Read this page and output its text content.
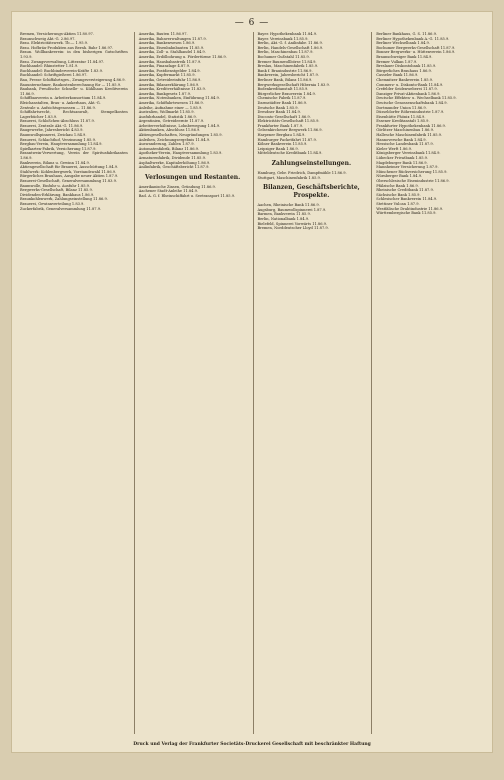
— 6 —

Bremen, Versicherungs-Aktien 11.80.97.

Braunschweig Akt.-G. 2.86.97.

Brau. Elektricitätswerk. Tb.— 1.95.9.

Brau. Hofbräu-Produkten aus Bernh. Bahr 1.86.97.

Braun. Wollbankverein: in den bisherigen Gutschriften 1.93.9.

Brau. Zwangsverwaltung, Litteratur 11.84.97.

Buchhandel: Rhinstetter 1.81.9.

Buchhandel: Buchbinderverein-Kräfte 1.83.9.

Buchhandel: Schriftgießerei 1.86.97.

Bau, Presse Schiffahrtsges., Zwangsversteigerung 4.86.9.

Bauunternehmer, Baukostenberechnung für — 11.85.9.

Baubank, Preußische Schnelle- u. Kühlhaus Kreditverein 11.86.9.

Schiffbauverein u. Arbeiterkonsortium 11.84.9.

Bleichanstalten, Brau- u. Ankerhaus, Akt.-G.

Zentrale u. Aufsichtsgenossen — 11.86.9.

Schiffahrtsrecht, Rechtsanwalt, Stempelkosten Lagerbücher 1.83.9.

Brauerei, Schloßchen-Abschluss 11.87.9.

Brauerei, Zentrale Akt.-G. 11.86.9.

Baugewerbe, Jahresbericht 4.83.9.

Baumwollspinnerei, Zwickau 1.84.9.

Brauerei, Schlachthof, Verzinsung 1.85.9.

Bergbau-Verein, Hauptversammlung 11.84.9.

Spielkarten-Fabrik, Versicherung 11.87.9.

Branntwein-Verwertung, Verein der Spiritusfabrikanten 1.86.9.

Bankverein, Bilanz u. Gewinn 11.84.9.

Aktiengesellschaft für Brauerei, Ausschüttung 1.84.9.

Stahlwerk: Kohlenbergwerk, Vorstandswahl 11.86.9.

Bürgerliches Brauhaus, Ausgabe neuer Aktien 1.87.9.

Brauerei-Gesellschaft, Generalversammlung 11.83.9.

Baumwolle, Einfuhr u. Ausfuhr 1.85.9.

Bergwerks-Gesellschaft, Bilanz 11.85.9.

Dividenden-Erklärung, Bankhaus 1.86.9.

Braunkohlenwerk, Zahlungseinstellung 11.86.9.

Brauerei, Gewinnverteilung 1.83.9.

Zuckerfabrik, Generalversammlung 11.87.9.

Amerika, Bauten 11.86.97.

Amerika, Bahnverwaltungen 11.87.9.

Amerika, Bankenwesen 1.86.9.

Amerika, Eisenbahnbauten 11.85.9.

Amerika, Zoll- u. Stahlhandel 1.84.9.

Amerika, Erdölbohrung u. Fördertürme 11.86.9.

Amerika, Hausbahnstreik 11.87.9.

Amerika, Finanzlage 4.87.9.

Amerika, Postdienstgelder 1.84.9.

Amerika, Kupfermarkt 11.85.9.

Amerika, Getreideeinfuhr 11.86.9.

Amerika, Bilanzerklärung 1.86.9.

Amerika, Kreditverhältnisse 11.83.9.

Amerika, Bankgesetz 1.87.9.

Amerika, Notenbanken, Einführung 11.84.9.

Amerika, Schiffahrtswesen 11.86.9.

Anleihe, Aufnahme einer — 1.85.9.

Australien, Wollmarkt 11.85.9.

Ausfuhrhandel, Statistik 1.86.9.

Argentinien, Getreideernte 11.87.9.

Arbeiterverhältnisse, Lohnbewegung 1.84.9.

Aktienbanken, Abschluss 11.86.9.

Aktiengesellschaften, Neugründungen 1.85.9.

Anleihen, Zeichnungsergebnis 11.84.9.

Auswanderung, Zahlen 1.87.9.

Automatenfabrik, Bilanz 11.86.9.

Apotheker-Verein, Hauptversammlung 1.83.9.

Armaturenfabrik, Dividende 11.85.9.

Asphaltwerke, Kapitalerhöhung 1.86.9.

Anilinfabrik, Geschäftsbericht 11.87.9.

Verlosungen und Restanten.

Amerikanische Zinsen, Gründung 11.86.9.

Aachener Stadt-Anleihe 11.84.9.

Bad. A. G. f. Rheinschiffahrt u. Seetransport 11.85.9.

Bayer. Hypothekenbank 11.84.9.

Bayer. Vereinsbank 11.85.9.

Berlin, Akt.-G. f. Anilinfabr. 11.86.9.

Berlin, Handels-Gesellschaft 1.86.9.

Berlin, Maschinenbau 11.87.9.

Bochumer Gußstahl 11.85.9.

Bremer Baumwollbörse 11.84.9.

Breslau, Maschinenfabrik 1.85.9.

Bank f. Brauindustrie 11.86.9.

Bankverein, Jahresbericht 1.87.9.

Berliner Bank, Bilanz 11.86.9.

Bergwerksgesellschaft Hibernia 1.83.9.

Bodenkreditanstalt 11.85.9.

Bürgerlicher Brauverein 1.84.9.

Chemische Fabrik 11.87.9.

Darmstädter Bank 11.86.9.

Deutsche Bank 1.85.9.

Dresdner Bank 11.84.9.

Disconto-Gesellschaft 1.86.9.

Elektricitäts-Gesellschaft 11.85.9.

Frankfurter Bank 1.87.9.

Gelsenkirchener Bergwerk 11.86.9.

Harpener Bergbau 1.84.9.

Hamburger Packetfahrt 11.87.9.

Kölner Bankverein 11.85.9.

Leipziger Bank 1.86.9.

Mitteldeutsche Kreditbank 11.84.9.

Zahlungseinstellungen.

Hamburg, Gebr. Friedrich, Dampfmühle 11.86.9.

Stuttgart, Maschinenfabrik 1.85.9.

Bilanzen, Geschäftsberichte, Prospekte.

Aachen, Rheinische Bank 11.86.9.

Augsburg, Baumwollspinnerei 1.87.9.

Barmen, Bankverein 11.85.9.

Berlin, Nationalbank 1.84.9.

Bielefeld, Spinnerei Vorwärts 11.86.9.

Bremen, Norddeutscher Lloyd 11.87.9.

Berliner Bankhaus, G. S. 11.86.9.

Berliner Hypothekenbank A.-G. 11.85.9.

Berliner Wechselbank 1.84.9.

Bochumer Bergwerks-Gesellschaft 11.87.9.

Bonner Bergwerks- u. Hüttenverein 1.86.9.

Braunschweiger Bank 11.84.9.

Bremer Vulkan 1.87.9.

Breslauer Diskontobank 11.85.9.

Bürgerliches Brauhaus 1.86.9.

Casseler Bank 11.86.9.

Chemnitzer Bankverein 1.85.9.

Commerz- u. Diskonto-Bank 11.84.9.

Crefelder Seidenweberei 11.87.9.

Danziger Privat-Aktienbank 1.86.9.

Deutsche Effekten- u. Wechselbank 11.85.9.

Deutsche Genossenschaftsbank 1.84.9.

Dortmunder Union 11.86.9.

Düsseldorfer Röhrenindustrie 1.87.9.

Eisenhütte Phönix 11.84.9.

Essener Kreditanstalt 1.85.9.

Frankfurter Hypothekenbank 11.86.9.

Görlitzer Maschinenbau 1.86.9.

Hallesche Maschinenfabrik 11.85.9.

Hannoversche Bank 1.84.9.

Hessische Landesbank 11.87.9.

Kieler Werft 1.86.9.

Königsberger Vereinsbank 11.84.9.

Lübecker Privatbank 1.85.9.

Magdeburger Bank 11.86.9.

Mannheimer Versicherung 1.87.9.

Münchener Rückversicherung 11.85.9.

Nürnberger Bank 1.84.9.

Oberschlesische Eisenindustrie 11.86.9.

Pfälzische Bank 1.86.9.

Rheinische Creditbank 11.87.9.

Sächsische Bank 1.85.9.

Schlesischer Bankverein 11.84.9.

Stettiner Vulcan 1.87.9.

Westfälische Drahtindustrie 11.86.9.

Württembergische Bank 11.85.9.

Druck und Verlag der Frankfurter Societäts-Druckerei Gesellschaft mit beschränkter Haftung
